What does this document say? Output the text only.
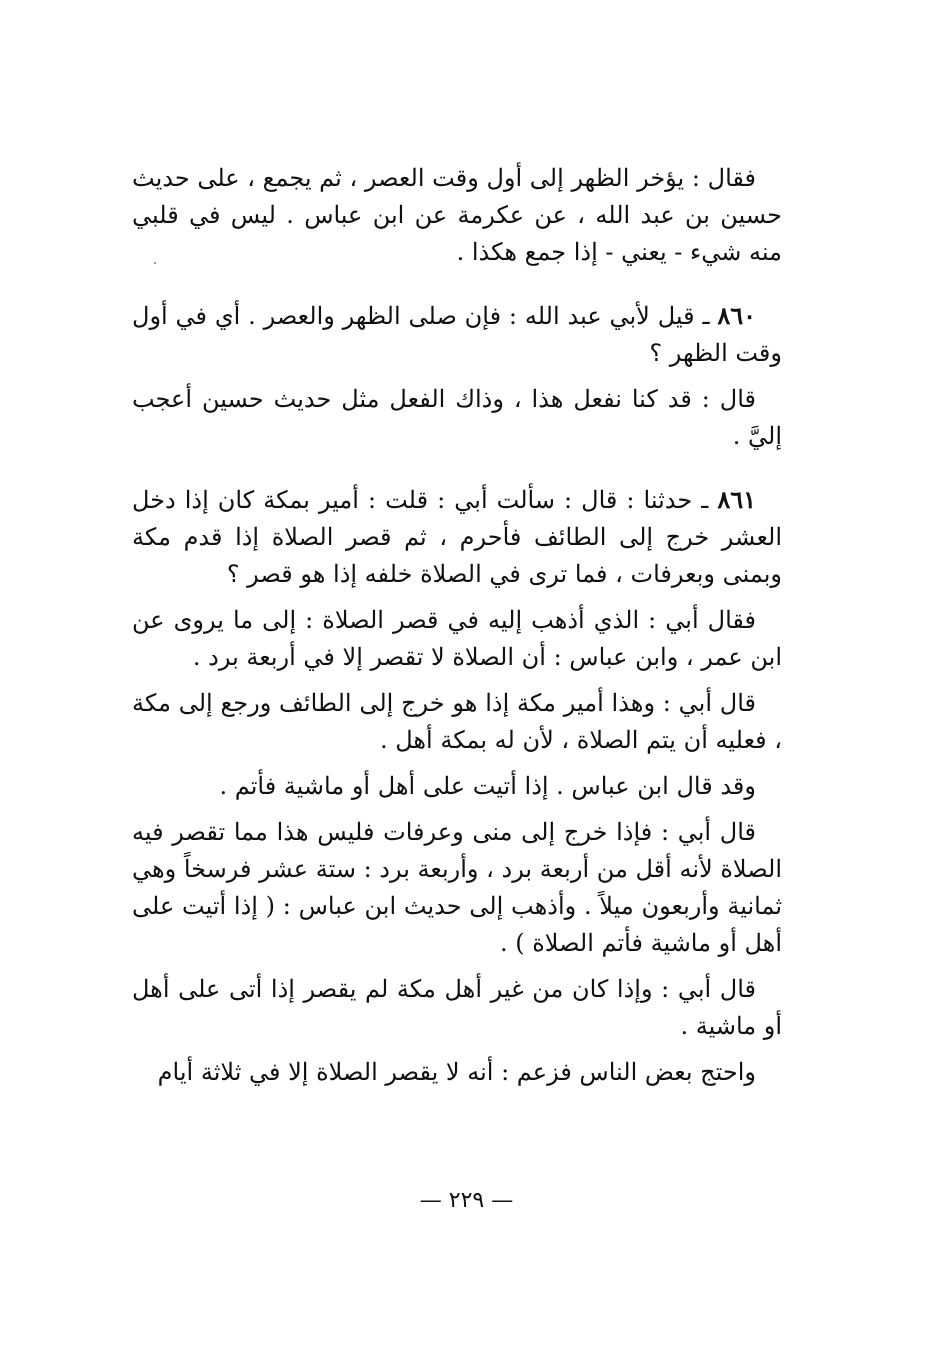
فقال : يؤخر الظهر إلى أول وقت العصر ، ثم يجمع ، على حديث حسين بن عبد الله ، عن عكرمة عن ابن عباس . ليس في قلبي منه شيء - يعني - إذا جمع هكذا .

٨٦٠ ـ قيل لأبي عبد الله : فإن صلى الظهر والعصر . أي في أول وقت الظهر ؟

قال : قد كنا نفعل هذا ، وذاك الفعل مثل حديث حسين أعجب إليَّ .

٨٦١ ـ حدثنا : قال : سألت أبي : قلت : أمير بمكة كان إذا دخل العشر خرج إلى الطائف فأحرم ، ثم قصر الصلاة إذا قدم مكة وبمنى وبعرفات ، فما ترى في الصلاة خلفه إذا هو قصر ؟

فقال أبي : الذي أذهب إليه في قصر الصلاة : إلى ما يروى عن ابن عمر ، وابن عباس : أن الصلاة لا تقصر إلا في أربعة برد .

قال أبي : وهذا أمير مكة إذا هو خرج إلى الطائف ورجع إلى مكة ، فعليه أن يتم الصلاة ، لأن له بمكة أهل .

وقد قال ابن عباس . إذا أتيت على أهل أو ماشية فأتم .

قال أبي : فإذا خرج إلى منى وعرفات فليس هذا مما تقصر فيه الصلاة لأنه أقل من أربعة برد ، وأربعة برد : ستة عشر فرسخاً وهي ثمانية وأربعون ميلاً . وأذهب إلى حديث ابن عباس : ( إذا أتيت على أهل أو ماشية فأتم الصلاة ) .

قال أبي : وإذا كان من غير أهل مكة لم يقصر إذا أتى على أهل أو ماشية .

واحتج بعض الناس فزعم : أنه لا يقصر الصلاة إلا في ثلاثة أيام

— ٢٢٩ —
